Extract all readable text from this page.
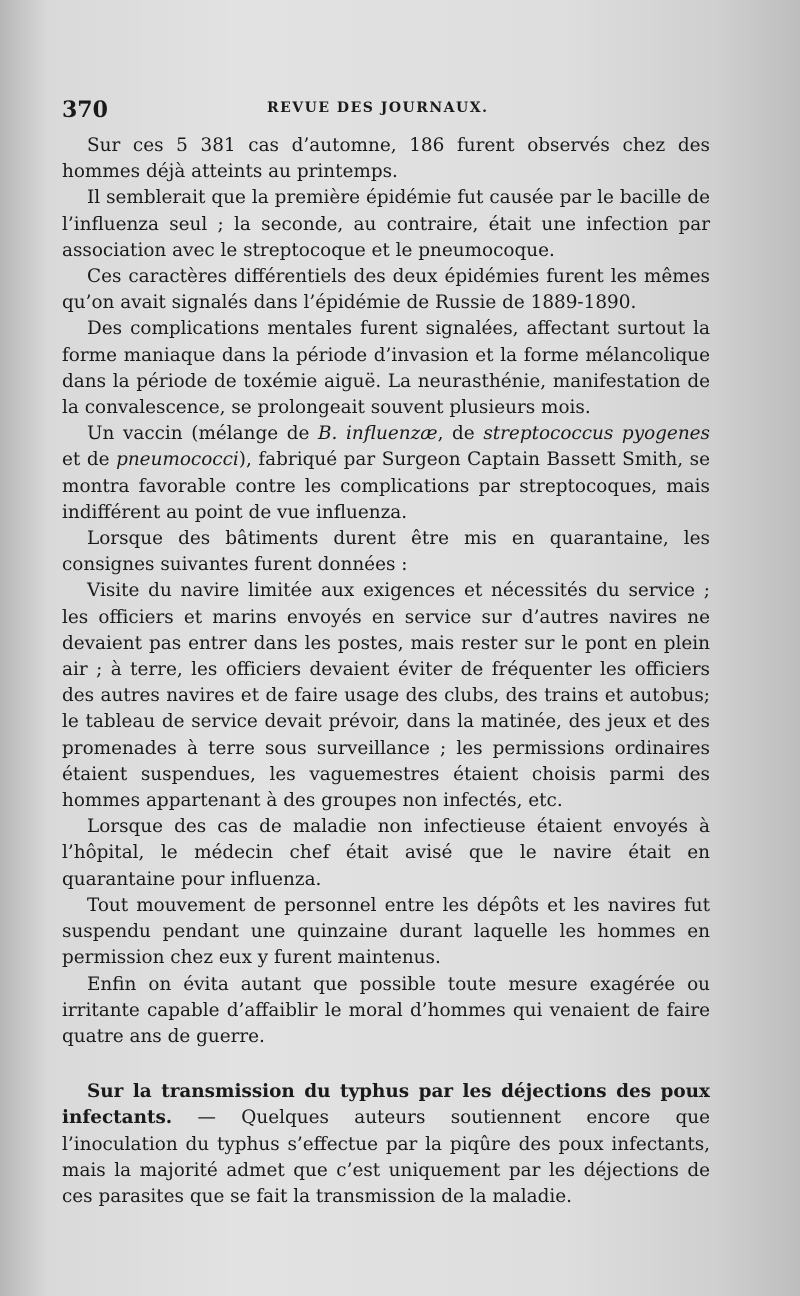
370	REVUE DES JOURNAUX.

Sur ces 5 381 cas d’automne, 186 furent observés chez des hommes déjà atteints au printemps.

Il semblerait que la première épidémie fut causée par le bacille de l’influenza seul ; la seconde, au contraire, était une infection par association avec le streptocoque et le pneumocoque.

Ces caractères différentiels des deux épidémies furent les mêmes qu’on avait signalés dans l’épidémie de Russie de 1889-1890.

Des complications mentales furent signalées, affectant surtout la forme maniaque dans la période d’invasion et la forme mélancolique dans la période de toxémie aiguë. La neurasthénie, manifestation de la convalescence, se prolongeait souvent plusieurs mois.

Un vaccin (mélange de B. influenzæ, de streptococcus pyogenes et de pneumococci), fabriqué par Surgeon Captain Bassett Smith, se montra favorable contre les complications par streptocoques, mais indifférent au point de vue influenza.

Lorsque des bâtiments durent être mis en quarantaine, les consignes suivantes furent données :

Visite du navire limitée aux exigences et nécessités du service ; les officiers et marins envoyés en service sur d’autres navires ne devaient pas entrer dans les postes, mais rester sur le pont en plein air ; à terre, les officiers devaient éviter de fréquenter les officiers des autres navires et de faire usage des clubs, des trains et autobus; le tableau de service devait prévoir, dans la matinée, des jeux et des promenades à terre sous surveillance ; les permissions ordinaires étaient suspendues, les vaguemestres étaient choisis parmi des hommes appartenant à des groupes non infectés, etc.

Lorsque des cas de maladie non infectieuse étaient envoyés à l’hôpital, le médecin chef était avisé que le navire était en quarantaine pour influenza.

Tout mouvement de personnel entre les dépôts et les navires fut suspendu pendant une quinzaine durant laquelle les hommes en permission chez eux y furent maintenus.

Enfin on évita autant que possible toute mesure exagérée ou irritante capable d’affaiblir le moral d’hommes qui venaient de faire quatre ans de guerre.

Sur la transmission du typhus par les déjections des poux infectants. — Quelques auteurs soutiennent encore que l’inoculation du typhus s’effectue par la piqûre des poux infectants, mais la majorité admet que c’est uniquement par les déjections de ces parasites que se fait la transmission de la maladie.
